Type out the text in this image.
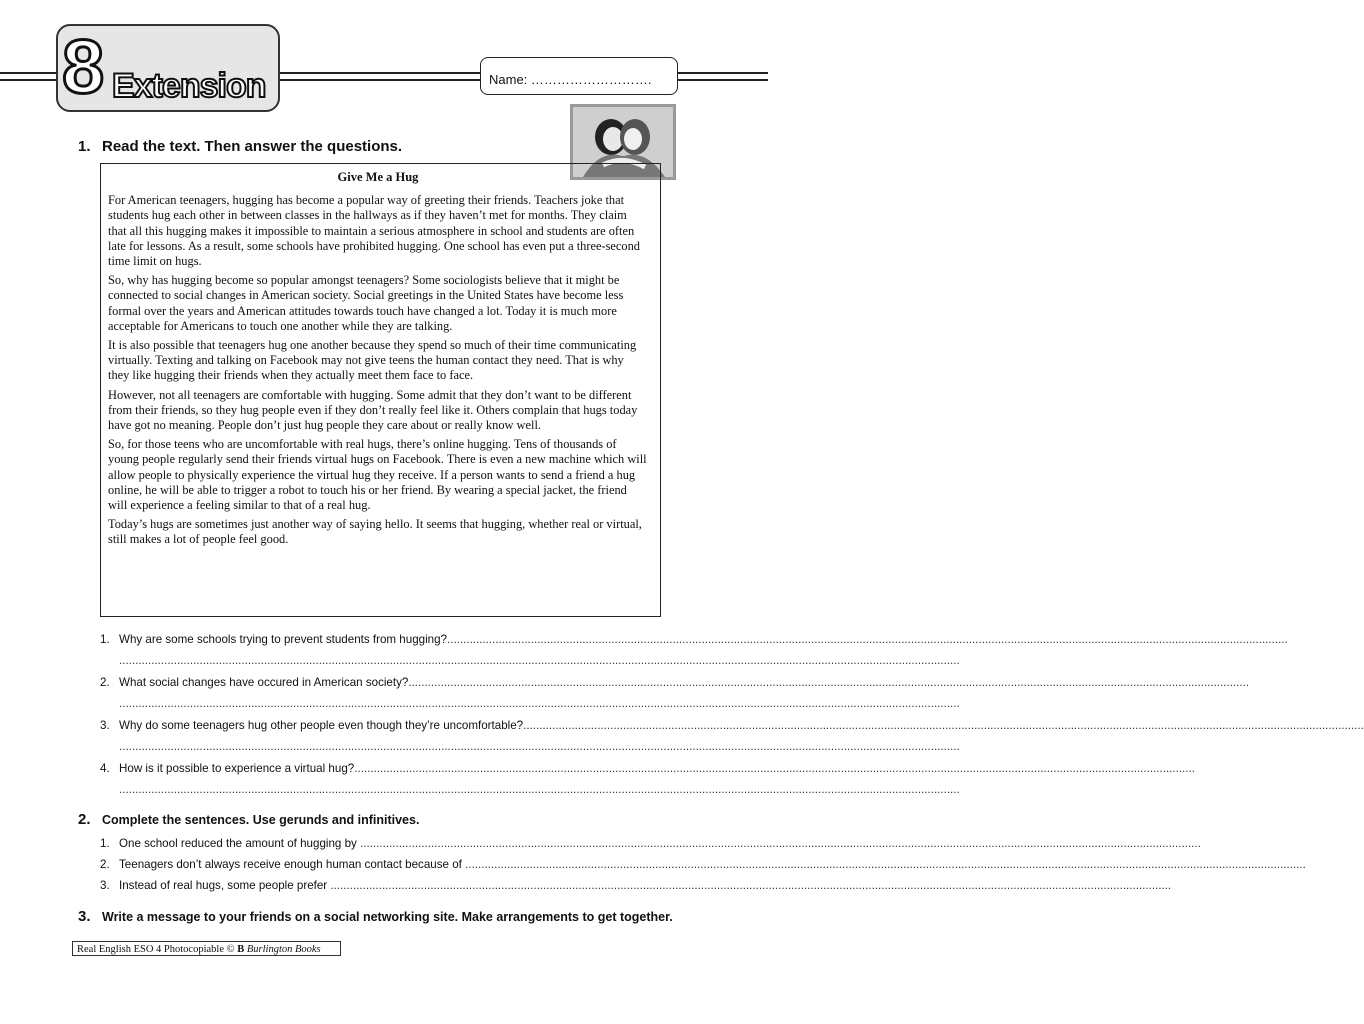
8 Extension	Name: ……………………….
1. Read the text. Then answer the questions.
Give Me a Hug

For American teenagers, hugging has become a popular way of greeting their friends. Teachers joke that students hug each other in between classes in the hallways as if they haven’t met for months. They claim that all this hugging makes it impossible to maintain a serious atmosphere in school and students are often late for lessons. As a result, some schools have prohibited hugging. One school has even put a three-second time limit on hugs.

So, why has hugging become so popular amongst teenagers? Some sociologists believe that it might be connected to social changes in American society. Social greetings in the United States have become less formal over the years and American attitudes towards touch have changed a lot. Today it is much more acceptable for Americans to touch one another while they are talking.

It is also possible that teenagers hug one another because they spend so much of their time communicating virtually. Texting and talking on Facebook may not give teens the human contact they need. That is why they like hugging their friends when they actually meet them face to face.

However, not all teenagers are comfortable with hugging. Some admit that they don’t want to be different from their friends, so they hug people even if they don’t really feel like it. Others complain that hugs today have got no meaning. People don’t just hug people they care about or really know well.

So, for those teens who are uncomfortable with real hugs, there’s online hugging. Tens of thousands of young people regularly send their friends virtual hugs on Facebook. There is even a new machine which will allow people to physically experience the virtual hug they receive. If a person wants to send a friend a hug online, he will be able to trigger a robot to touch his or her friend. By wearing a special jacket, the friend will experience a feeling similar to that of a real hug.

Today’s hugs are sometimes just another way of saying hello. It seems that hugging, whether real or virtual, still makes a lot of people feel good.

1. Why are some schools trying to prevent students from hugging?.....................................................................................................................................................................................................................................................................
.....................................................................................................................................................................................................................................................................
2. What social changes have occured in American society?.....................................................................................................................................................................................................................................................................
.....................................................................................................................................................................................................................................................................
3. Why do some teenagers hug other people even though they’re uncomfortable?.....................................................................................................................................................................................................................................................................
.....................................................................................................................................................................................................................................................................
4. How is it possible to experience a virtual hug?.....................................................................................................................................................................................................................................................................
.....................................................................................................................................................................................................................................................................
2. Complete the sentences. Use gerunds and infinitives.
1. One school reduced the amount of hugging by .....................................................................................................................................................................................................................................................................
2. Teenagers don’t always receive enough human contact because of .....................................................................................................................................................................................................................................................................
3. Instead of real hugs, some people prefer .....................................................................................................................................................................................................................................................................
3. Write a message to your friends on a social networking site. Make arrangements to get together.
Real English ESO 4 Photocopiable © B Burlington Books
